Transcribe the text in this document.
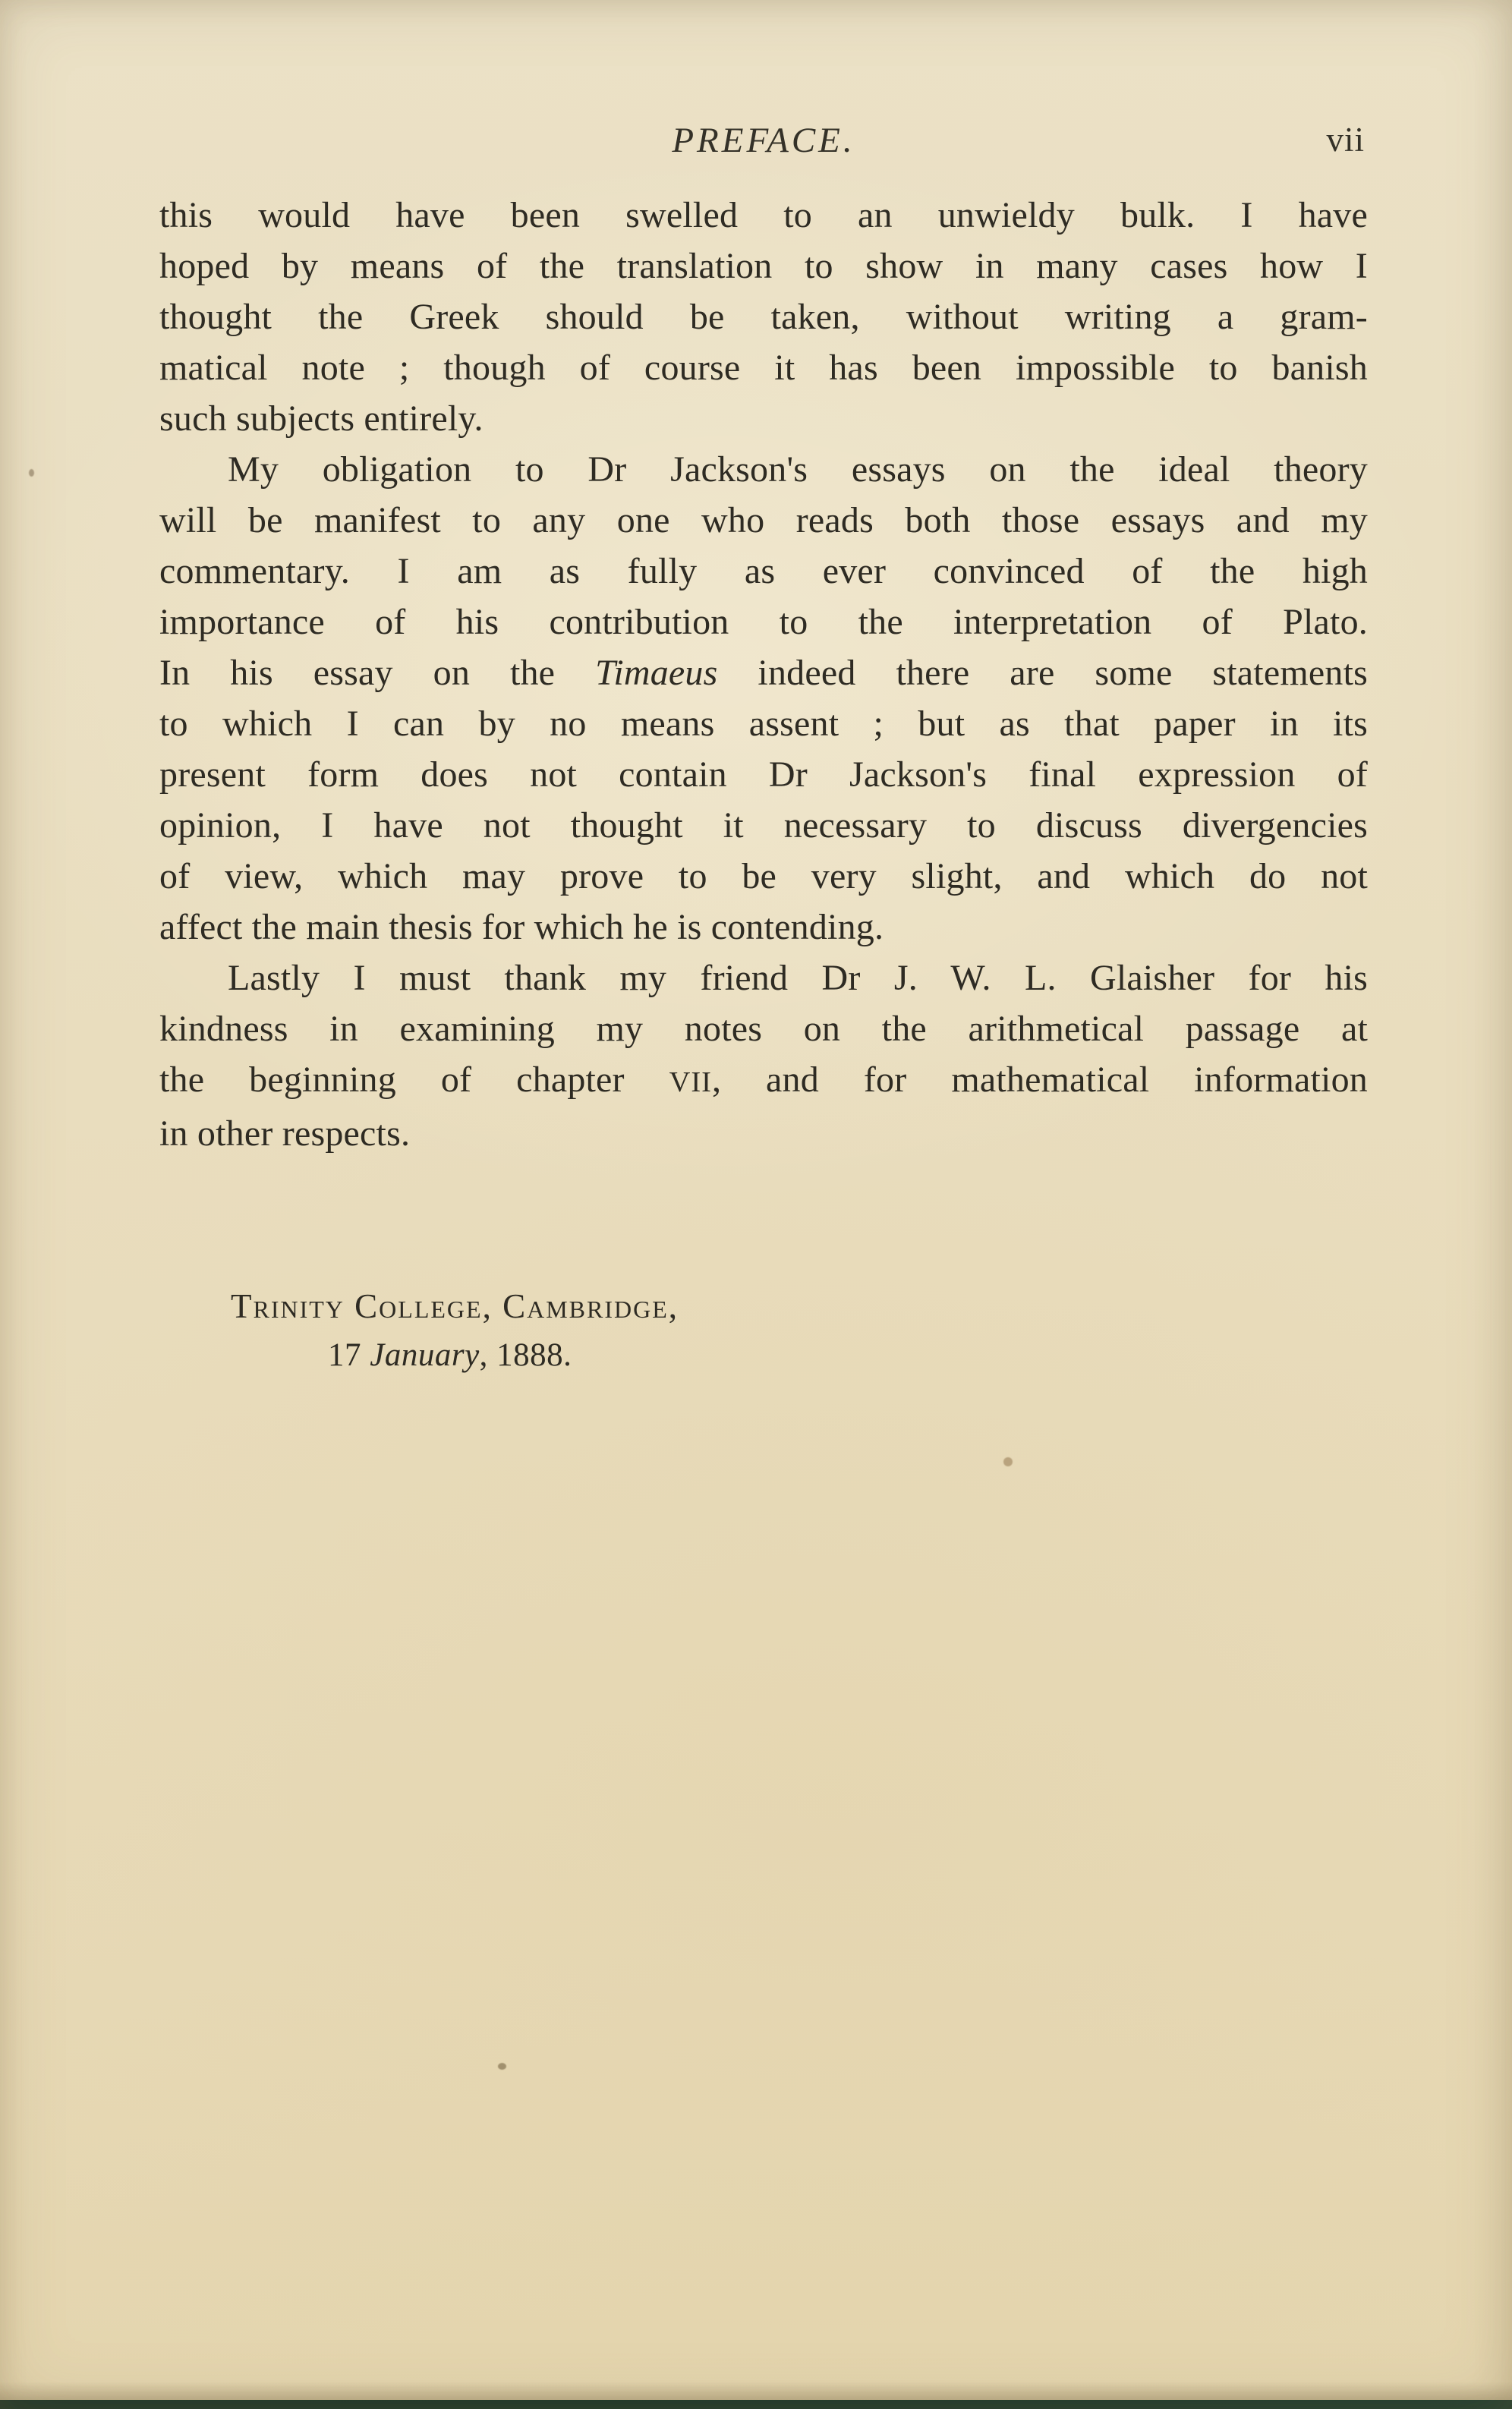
PREFACE.	vii
this would have been swelled to an unwieldy bulk. I have
hoped by means of the translation to show in many cases how I
thought the Greek should be taken, without writing a gram-
matical note ; though of course it has been impossible to banish
such subjects entirely.
My obligation to Dr Jackson's essays on the ideal theory
will be manifest to any one who reads both those essays and my
commentary. I am as fully as ever convinced of the high
importance of his contribution to the interpretation of Plato.
In his essay on the Timaeus indeed there are some statements
to which I can by no means assent ; but as that paper in its
present form does not contain Dr Jackson's final expression of
opinion, I have not thought it necessary to discuss divergencies
of view, which may prove to be very slight, and which do not
affect the main thesis for which he is contending.
Lastly I must thank my friend Dr J. W. L. Glaisher for his
kindness in examining my notes on the arithmetical passage at
the beginning of chapter VII, and for mathematical information
in other respects.
Trinity College, Cambridge,
17 January, 1888.
